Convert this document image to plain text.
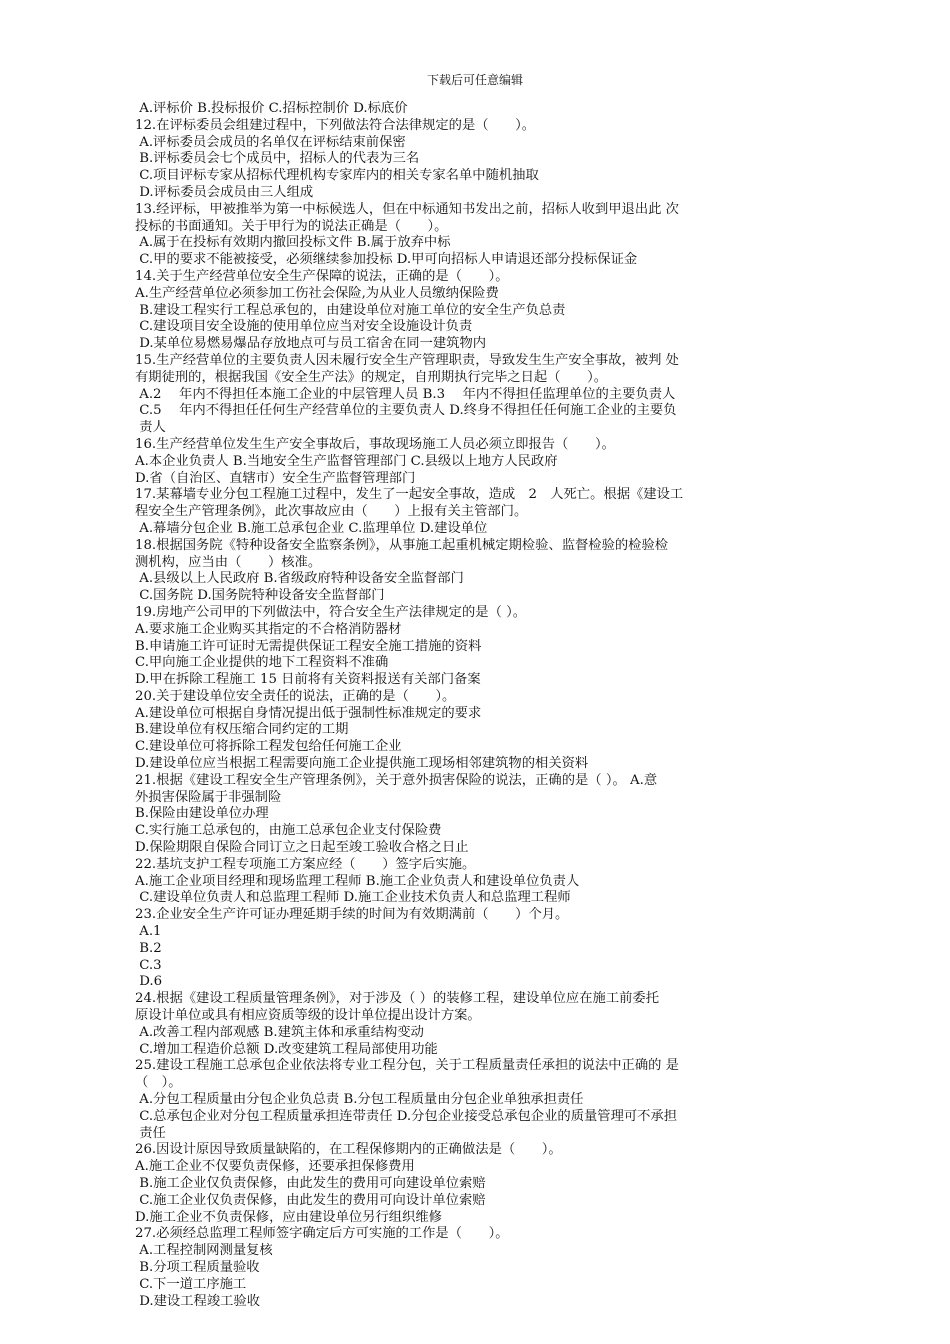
下载后可任意编辑
A.评标价 B.投标报价 C.招标控制价 D.标底价
12.在评标委员会组建过程中，下列做法符合法律规定的是（　　）。
A.评标委员会成员的名单仅在评标结束前保密
B.评标委员会七个成员中，招标人的代表为三名
C.项目评标专家从招标代理机构专家库内的相关专家名单中随机抽取
D.评标委员会成员由三人组成
13.经评标，甲被推举为第一中标候选人，但在中标通知书发出之前，招标人收到甲退出此 次
投标的书面通知。关于甲行为的说法正确是（　　）。
A.属于在投标有效期内撤回投标文件 B.属于放弃中标
C.甲的要求不能被接受，必须继续参加投标 D.甲可向招标人申请退还部分投标保证金
14.关于生产经营单位安全生产保障的说法，正确的是（　　）。
A.生产经营单位必须参加工伤社会保险,为从业人员缴纳保险费
B.建设工程实行工程总承包的，由建设单位对施工单位的安全生产负总责
C.建设项目安全设施的使用单位应当对安全设施设计负责
D.某单位易燃易爆品存放地点可与员工宿舍在同一建筑物内
15.生产经营单位的主要负责人因未履行安全生产管理职责，导致发生生产安全事故，被判 处
有期徒刑的，根据我国《安全生产法》的规定，自刑期执行完毕之日起（　　）。
A.2　 年内不得担任本施工企业的中层管理人员 B.3　 年内不得担任监理单位的主要负责人
C.5　 年内不得担任任何生产经营单位的主要负责人 D.终身不得担任任何施工企业的主要负
责人
16.生产经营单位发生生产安全事故后，事故现场施工人员必须立即报告（　　）。
A.本企业负责人 B.当地安全生产监督管理部门 C.县级以上地方人民政府
D.省（自治区、直辖市）安全生产监督管理部门
17.某幕墙专业分包工程施工过程中，发生了一起安全事故，造成　2　人死亡。根据《建设工
程安全生产管理条例》，此次事故应由（　　）上报有关主管部门。
A.幕墙分包企业 B.施工总承包企业 C.监理单位 D.建设单位
18.根据国务院《特种设备安全监察条例》，从事施工起重机械定期检验、监督检验的检验检
测机构，应当由（　　）核准。
A.县级以上人民政府 B.省级政府特种设备安全监督部门
C.国务院 D.国务院特种设备安全监督部门
19.房地产公司甲的下列做法中，符合安全生产法律规定的是（ ）。
A.要求施工企业购买其指定的不合格消防器材
B.申请施工许可证时无需提供保证工程安全施工措施的资料
C.甲向施工企业提供的地下工程资料不准确
D.甲在拆除工程施工 15 日前将有关资料报送有关部门备案
20.关于建设单位安全责任的说法，正确的是（　　）。
A.建设单位可根据自身情况提出低于强制性标准规定的要求
B.建设单位有权压缩合同约定的工期
C.建设单位可将拆除工程发包给任何施工企业
D.建设单位应当根据工程需要向施工企业提供施工现场相邻建筑物的相关资料
21.根据《建设工程安全生产管理条例》，关于意外损害保险的说法，正确的是（ ）。 A.意
外损害保险属于非强制险
B.保险由建设单位办理
C.实行施工总承包的，由施工总承包企业支付保险费
D.保险期限自保险合同订立之日起至竣工验收合格之日止
22.基坑支护工程专项施工方案应经（　　）签字后实施。
A.施工企业项目经理和现场监理工程师 B.施工企业负责人和建设单位负责人
C.建设单位负责人和总监理工程师 D.施工企业技术负责人和总监理工程师
23.企业安全生产许可证办理延期手续的时间为有效期满前（　　）个月。
A.1
B.2
C.3
D.6
24.根据《建设工程质量管理条例》，对于涉及（ ）的装修工程，建设单位应在施工前委托
原设计单位或具有相应资质等级的设计单位提出设计方案。
A.改善工程内部观感 B.建筑主体和承重结构变动
C.增加工程造价总额 D.改变建筑工程局部使用功能
25.建设工程施工总承包企业依法将专业工程分包，关于工程质量责任承担的说法中正确的 是
（　）。
A.分包工程质量由分包企业负总责 B.分包工程质量由分包企业单独承担责任
C.总承包企业对分包工程质量承担连带责任 D.分包企业接受总承包企业的质量管理可不承担
责任
26.因设计原因导致质量缺陷的，在工程保修期内的正确做法是（　　）。
A.施工企业不仅要负责保修，还要承担保修费用
B.施工企业仅负责保修，由此发生的费用可向建设单位索赔
C.施工企业仅负责保修，由此发生的费用可向设计单位索赔
D.施工企业不负责保修，应由建设单位另行组织维修
27.必须经总监理工程师签字确定后方可实施的工作是（　　）。
A.工程控制网测量复核
B.分项工程质量验收
C.下一道工序施工
D.建设工程竣工验收
